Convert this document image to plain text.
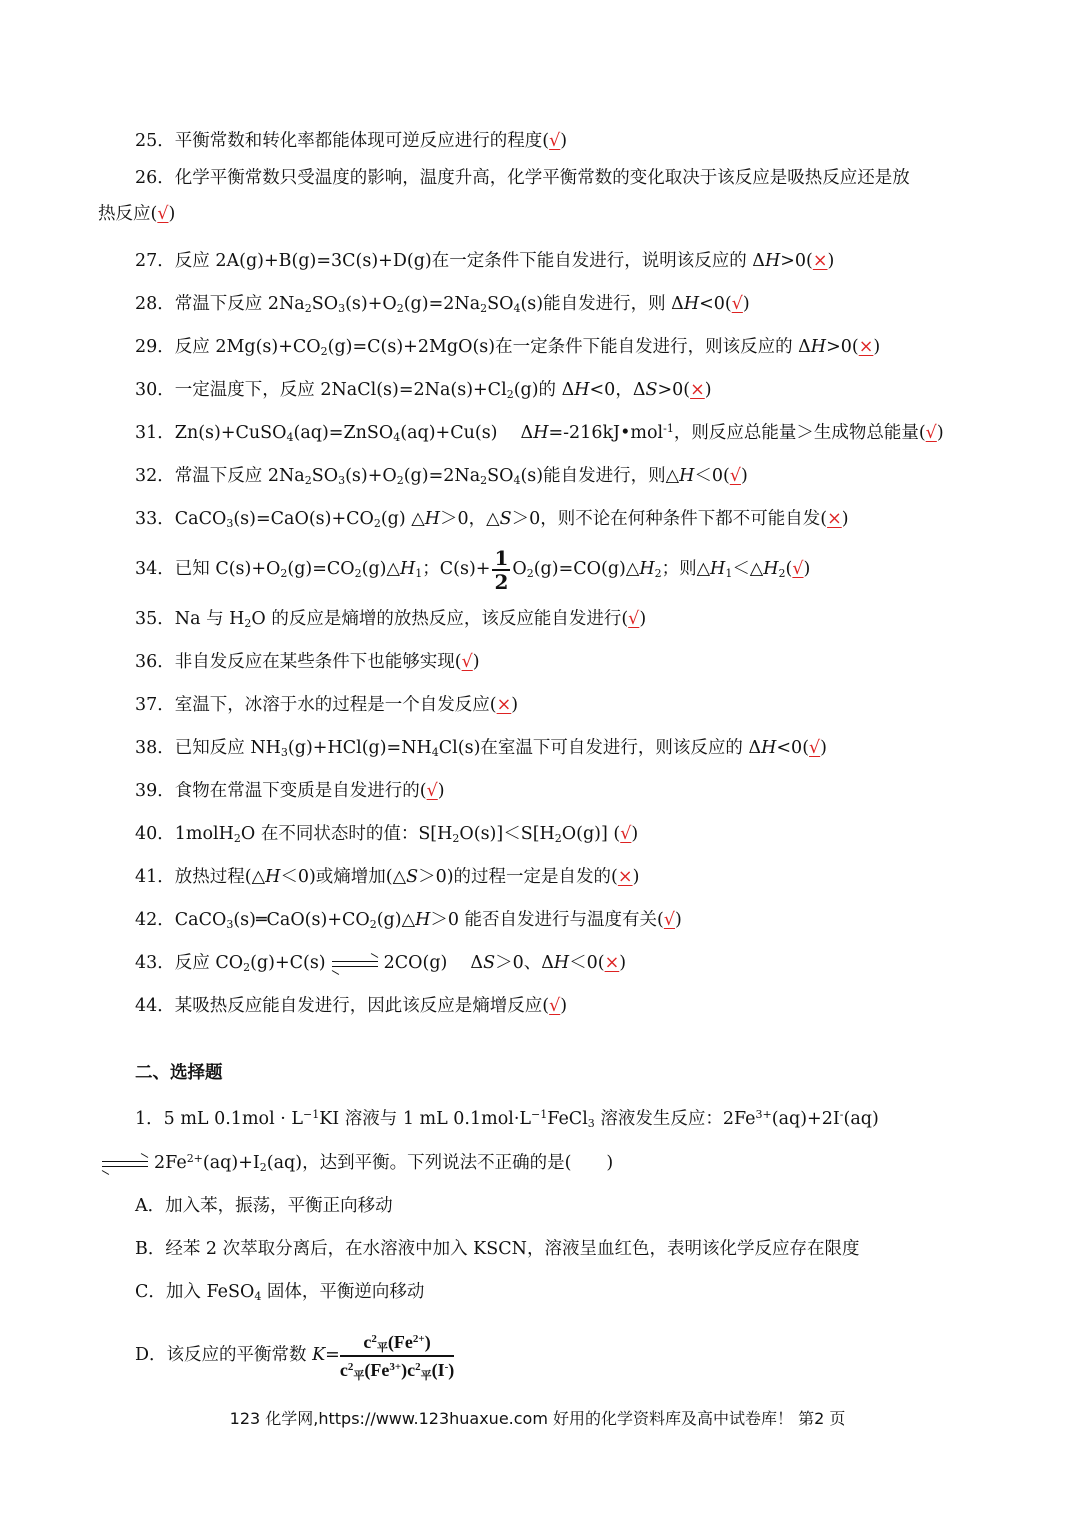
25．平衡常数和转化率都能体现可逆反应进行的程度(√)
26．化学平衡常数只受温度的影响，温度升高，化学平衡常数的变化取决于该反应是吸热反应还是放
热反应(√)
27．反应 2A(g)+B(g)=3C(s)+D(g)在一定条件下能自发进行，说明该反应的 ΔH>0(×)
28．常温下反应 $2Na_2SO_3(s)+O_2(g)=2Na_2SO_4(s)$能自发进行，则 ΔH<0(√)
29．反应 $2Mg(s)+CO_2(g)=C(s)+2MgO(s)$在一定条件下能自发进行，则该反应的 ΔH>0(×)
30．一定温度下，反应 $2NaCl(s)=2Na(s)+Cl_2(g)$的 ΔH<0，ΔS>0(×)
31．Zn(s)+CuSO$_4$(aq)=ZnSO$_4$(aq)+Cu(s)　 ΔH=-216kJ•mol$^{-1}$，则反应总能量＞生成物总能量(√)
32．常温下反应 $2Na_2SO_3(s)+O_2(g)=2Na_2SO_4(s)$能自发进行，则△H＜0(√)
33．$CaCO_3(s)=CaO(s)+CO_2(g)$ △H＞0，△S＞0，则不论在何种条件下都不可能自发(×)
34．已知 $C(s)+O_2(g)=CO_2(g)\triangle H_1$；$C(s)+ \frac{1}{2}$ $O_2(g)=CO(g)\triangle H_2$；则$\triangle H_1<\triangle H_2(√)$
35．Na 与 $H_2O$ 的反应是熵增的放热反应，该反应能自发进行(√)
36．非自发反应在某些条件下也能够实现(√)
37．室温下，冰溶于水的过程是一个自发反应(×)
38．已知反应 $NH_3(g)+HCl(g)=NH_4Cl(s)$在室温下可自发进行，则该反应的 ΔH<0(√)
39．食物在常温下变质是自发进行的(√)
40．1molH$_2$O 在不同状态时的值：$S[H_2O(s)]<S[H_2O(g)]$ (√)
41．放热过程(△H＜0)或熵增加(△S＞0)的过程一定是自发的(×)
42．$CaCO_3(s)═CaO(s)+CO_2(g)\triangle H>0$ 能否自发进行与温度有关(√)
43．反应 $CO_2(g)+C(s)$	2CO(g)　 ΔS＞0、ΔH＜0(×)
44．某吸热反应能自发进行，因此该反应是熵增反应(√)
二、选择题
1．5 mL $0.1mol \cdot L^{-1}KI$ 溶液与 1 mL $0.1mol\cdot L^{-1}FeCl_3$ 溶液发生反应：$2Fe^{3+}(aq)+2I^-(aq)$
$2Fe^{2+}(aq)+I_2(aq)$，达到平衡。下列说法不正确的是(　　)
A．加入苯，振荡，平衡正向移动
B．经苯 2 次萃取分离后，在水溶液中加入 KSCN，溶液呈血红色，表明该化学反应存在限度
C．加入 FeSO$_4$ 固体，平衡逆向移动
D．该反应的平衡常数 K=
$c^2_平(Fe^{2+})$
$c^2_平(Fe^{3+})c^2_平(I^-)$
123 化学网,https://www.123huaxue.com 好用的化学资料库及高中试卷库！ 第2 页
